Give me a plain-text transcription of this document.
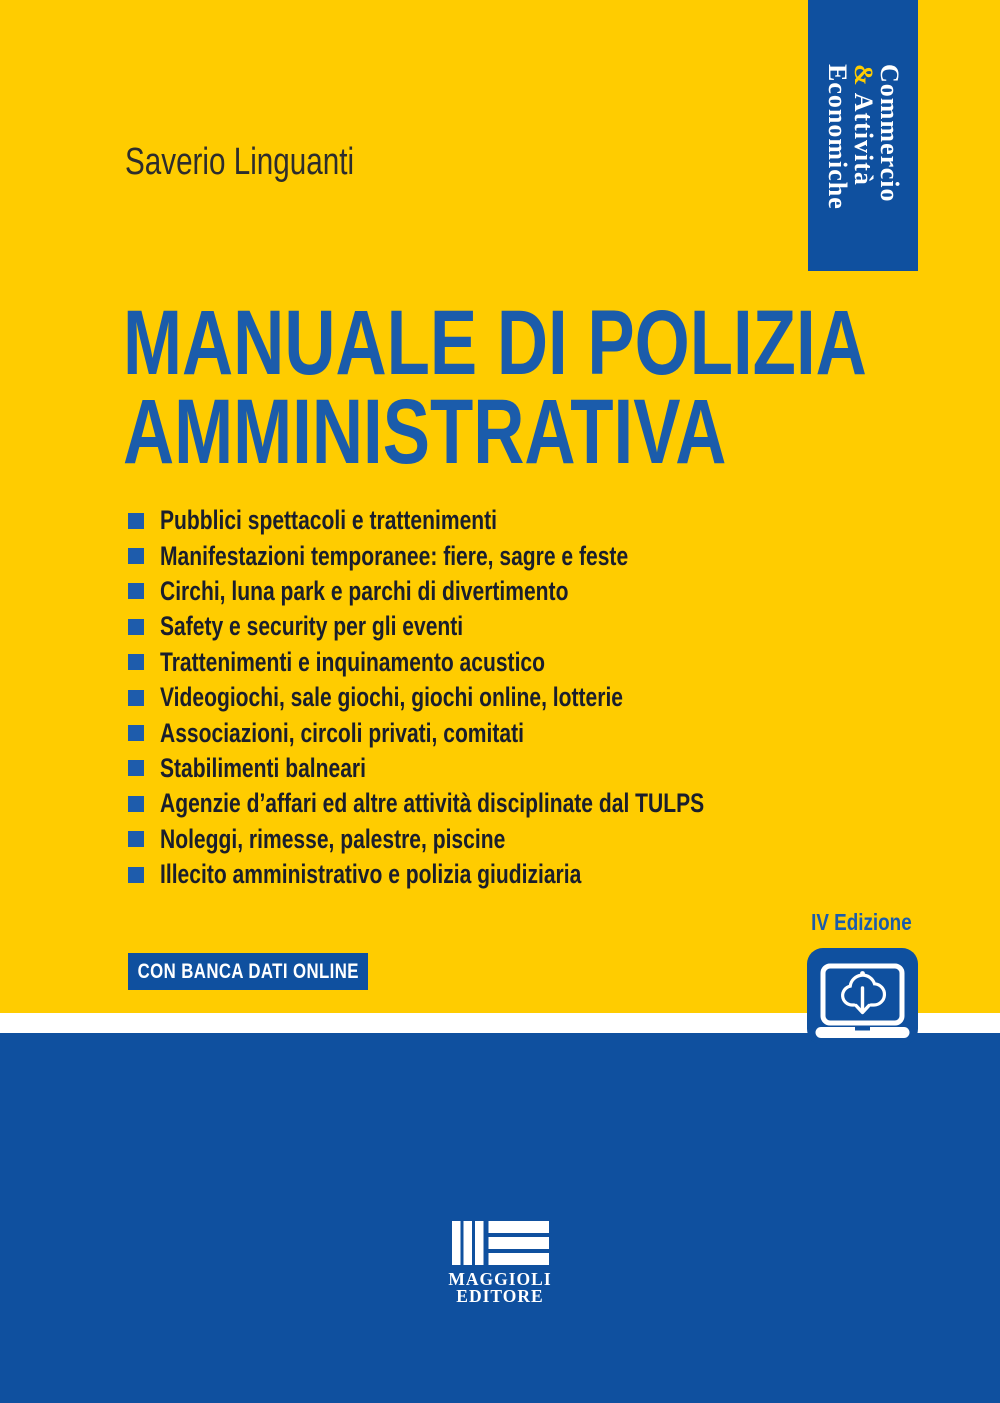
Commercio
& Attività
Economiche
Saverio Linguanti
MANUALE DI POLIZIA
AMMINISTRATIVA
Pubblici spettacoli e trattenimenti
Manifestazioni temporanee: fiere, sagre e feste
Circhi, luna park e parchi di divertimento
Safety e security per gli eventi
Trattenimenti e inquinamento acustico
Videogiochi, sale giochi, giochi online, lotterie
Associazioni, circoli privati, comitati
Stabilimenti balneari
Agenzie d’affari ed altre attività disciplinate dal TULPS
Noleggi, rimesse, palestre, piscine
Illecito amministrativo e polizia giudiziaria
IV Edizione
CON BANCA DATI ONLINE
MAGGIOLI
EDITORE
